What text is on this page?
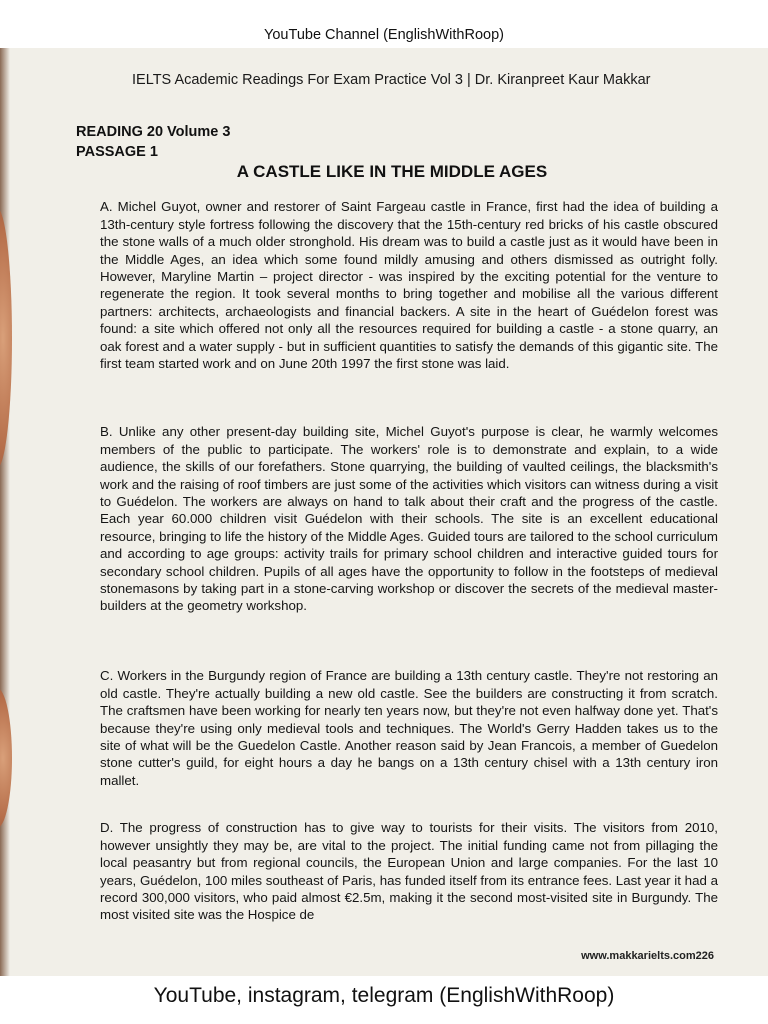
YouTube Channel (EnglishWithRoop)
IELTS Academic Readings For Exam Practice Vol 3 | Dr. Kiranpreet Kaur Makkar
READING 20 Volume 3
PASSAGE 1
A CASTLE LIKE IN THE MIDDLE AGES

A. Michel Guyot, owner and restorer of Saint Fargeau castle in France, first had the idea of building a 13th-century style fortress following the discovery that the 15th-century red bricks of his castle obscured the stone walls of a much older stronghold. His dream was to build a castle just as it would have been in the Middle Ages, an idea which some found mildly amusing and others dismissed as outright folly. However, Maryline Martin – project director - was inspired by the exciting potential for the venture to regenerate the region. It took several months to bring together and mobilise all the various different partners: architects, archaeologists and financial backers. A site in the heart of Guédelon forest was found: a site which offered not only all the resources required for building a castle - a stone quarry, an oak forest and a water supply - but in sufficient quantities to satisfy the demands of this gigantic site. The first team started work and on June 20th 1997 the first stone was laid.

B. Unlike any other present-day building site, Michel Guyot's purpose is clear, he warmly welcomes members of the public to participate. The workers' role is to demonstrate and explain, to a wide audience, the skills of our forefathers. Stone quarrying, the building of vaulted ceilings, the blacksmith's work and the raising of roof timbers are just some of the activities which visitors can witness during a visit to Guédelon. The workers are always on hand to talk about their craft and the progress of the castle. Each year 60.000 children visit Guédelon with their schools. The site is an excellent educational resource, bringing to life the history of the Middle Ages. Guided tours are tailored to the school curriculum and according to age groups: activity trails for primary school children and interactive guided tours for secondary school children. Pupils of all ages have the opportunity to follow in the footsteps of medieval stonemasons by taking part in a stone-carving workshop or discover the secrets of the medieval master-builders at the geometry workshop.

C. Workers in the Burgundy region of France are building a 13th century castle. They're not restoring an old castle. They're actually building a new old castle. See the builders are constructing it from scratch. The craftsmen have been working for nearly ten years now, but they're not even halfway done yet. That's because they're using only medieval tools and techniques. The World's Gerry Hadden takes us to the site of what will be the Guedelon Castle. Another reason said by Jean Francois, a member of Guedelon stone cutter's guild, for eight hours a day he bangs on a 13th century chisel with a 13th century iron mallet.

D. The progress of construction has to give way to tourists for their visits. The visitors from 2010, however unsightly they may be, are vital to the project. The initial funding came not from pillaging the local peasantry but from regional councils, the European Union and large companies. For the last 10 years, Guédelon, 100 miles southeast of Paris, has funded itself from its entrance fees. Last year it had a record 300,000 visitors, who paid almost €2.5m, making it the second most-visited site in Burgundy. The most visited site was the Hospice de

www.makkarielts.com226
YouTube, instagram, telegram (EnglishWithRoop)
